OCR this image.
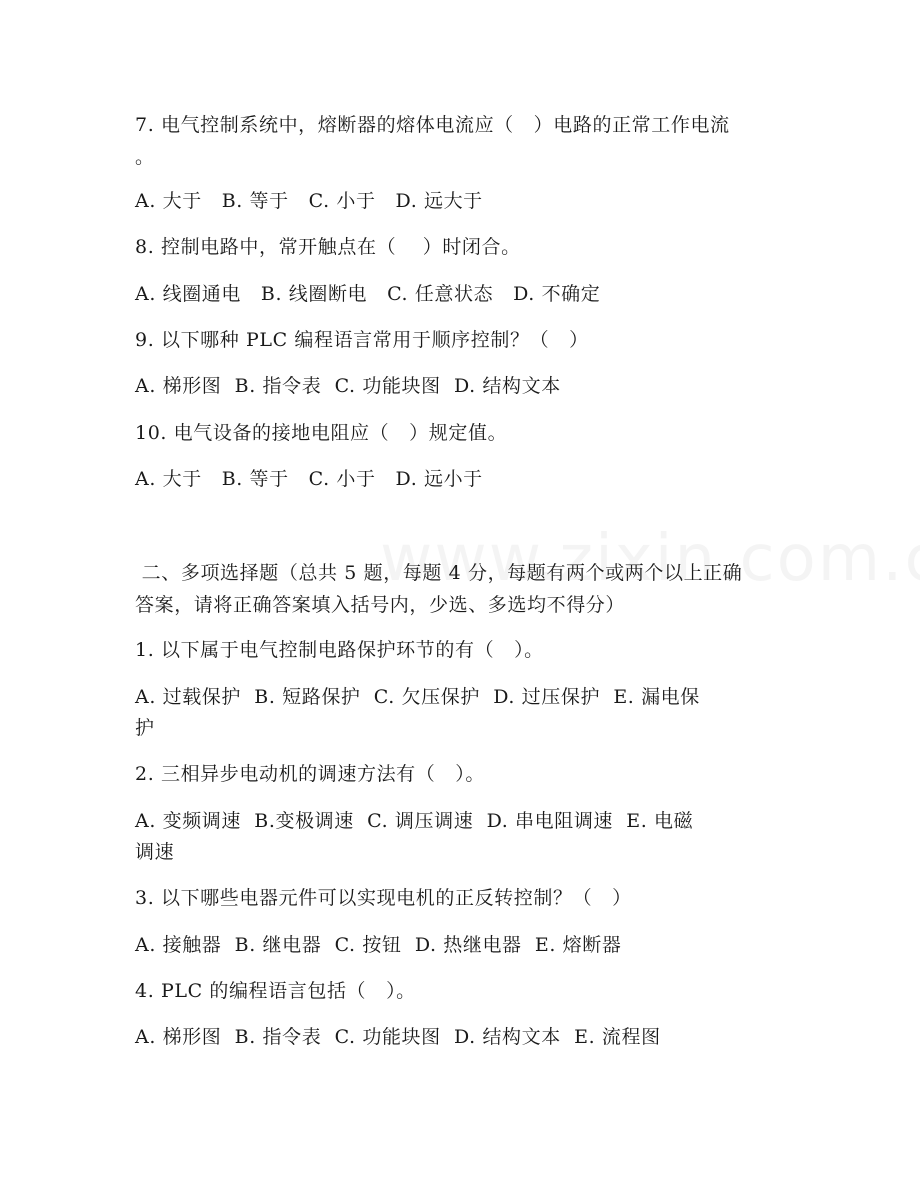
7. 电气控制系统中，熔断器的熔体电流应（   ）电路的正常工作电流
。
A. 大于   B. 等于   C. 小于   D. 远大于
8. 控制电路中，常开触点在（    ）时闭合。
A. 线圈通电   B. 线圈断电   C. 任意状态   D. 不确定
9. 以下哪种 PLC 编程语言常用于顺序控制？（   ）
A. 梯形图  B. 指令表  C. 功能块图  D. 结构文本
10. 电气设备的接地电阻应（   ）规定值。
A. 大于   B. 等于   C. 小于   D. 远小于
二、多项选择题（总共 5 题，每题 4 分，每题有两个或两个以上正确
答案，请将正确答案填入括号内，少选、多选均不得分）
1. 以下属于电气控制电路保护环节的有（   ）。
A. 过载保护  B. 短路保护  C. 欠压保护  D. 过压保护  E. 漏电保
护
2. 三相异步电动机的调速方法有（   ）。
A. 变频调速  B.变极调速  C. 调压调速  D. 串电阻调速  E. 电磁
调速
3. 以下哪些电器元件可以实现电机的正反转控制？（   ）
A. 接触器  B. 继电器  C. 按钮  D. 热继电器  E. 熔断器
4. PLC 的编程语言包括（   ）。
A. 梯形图  B. 指令表  C. 功能块图  D. 结构文本  E. 流程图
